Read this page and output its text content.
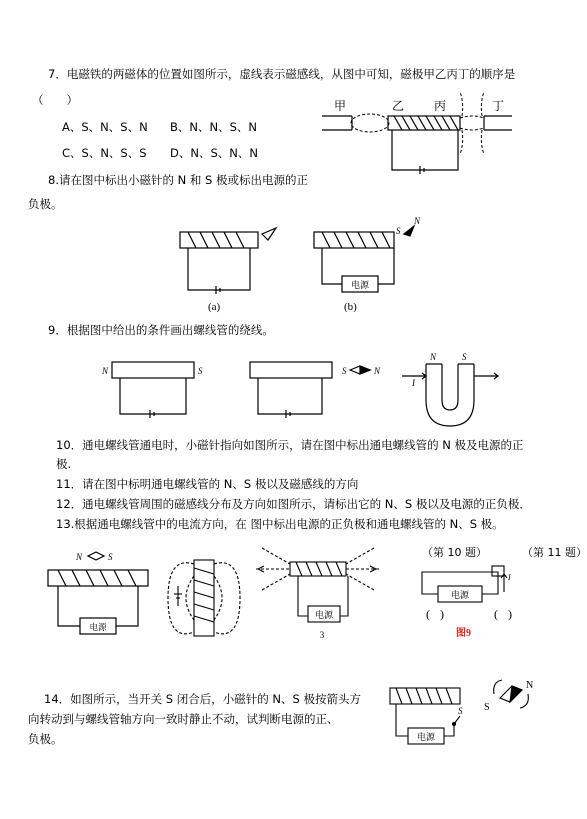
7．电磁铁的两磁体的位置如图所示，虚线表示磁感线，从图中可知，磁极甲乙丙丁的顺序是
（　　）
A、S、N、S、N B、N、N、S、N
C、S、N、S、S D、N、S、N、N
甲	乙 丙	丁
8.请在图中标出小磁针的 N 和 S 极或标出电源的正
负极。
(a)
S
N
电源
(b)
9．根据图中给出的条件画出螺线管的绕线。
N	S	S	N
N	S
I
10．通电螺线管通电时，小磁针指向如图所示，请在图中标出通电螺线管的 N 极及电源的正
极.
11．请在图中标明通电螺线管的 N、S 极以及磁感线的方向
12．通电螺线管周围的磁感线分布及方向如图所示，请标出它的 N、S 极以及电源的正负极．
13.根据通电螺线管中的电流方向，在 图中标出电源的正负极和通电螺线管的 N、S 极。
N	S
电源
电源
3
（第 10 题）	（第 11 题）
I
电源
( )	( )
图9
14．如图所示，当开关 S 闭合后，小磁针的 N、S 极按箭头方
向转动到与螺线管轴方向一致时静止不动，试判断电源的正、
负极。	电源
S
N
S
